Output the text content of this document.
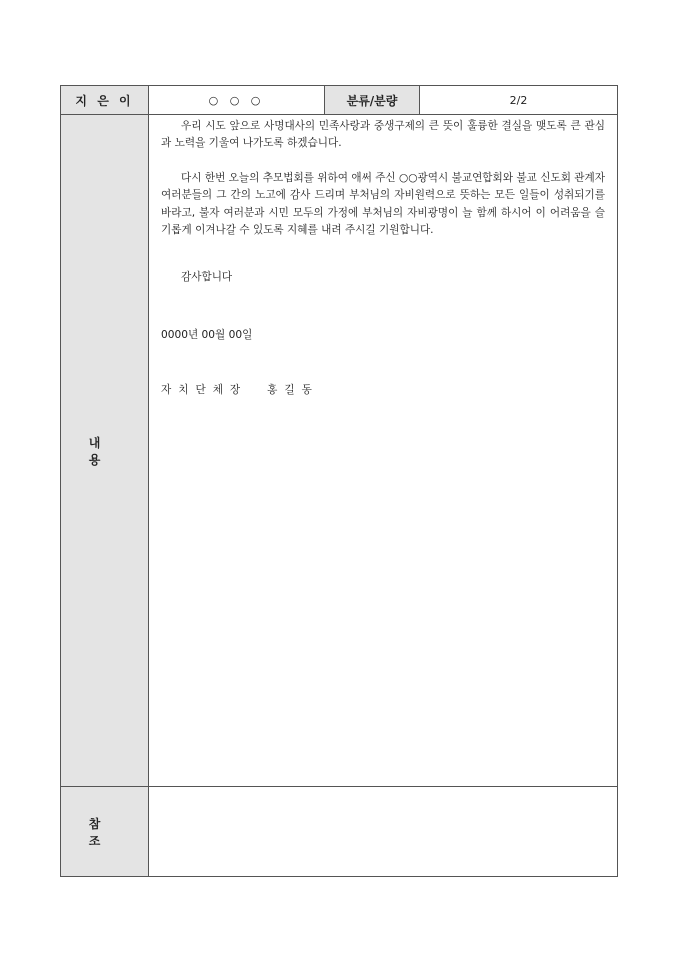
지 은 이	○ ○ ○	분류/분량	2/2
내 용	우리 시도 앞으로 사명대사의 민족사랑과 중생구제의 큰 뜻이 훌륭한 결실을 맺도록 큰 관심과 노력을 기울여 나가도록 하겠습니다.

다시 한번 오늘의 추모법회를 위하여 애써 주신 ○○광역시 불교연합회와 불교 신도회 관계자 여러분들의 그 간의 노고에 감사 드리며 부처님의 자비원력으로 뜻하는 모든 일들이 성취되기를 바라고, 불자 여러분과 시민 모두의 가정에 부처님의 자비광명이 늘 함께 하시어 이 어려움을 슬기롭게 이겨나갈 수 있도록 지혜를 내려 주시길 기원합니다.

감사합니다

0000년 00월 00일

자치단체장 홍길동		

참 조			
